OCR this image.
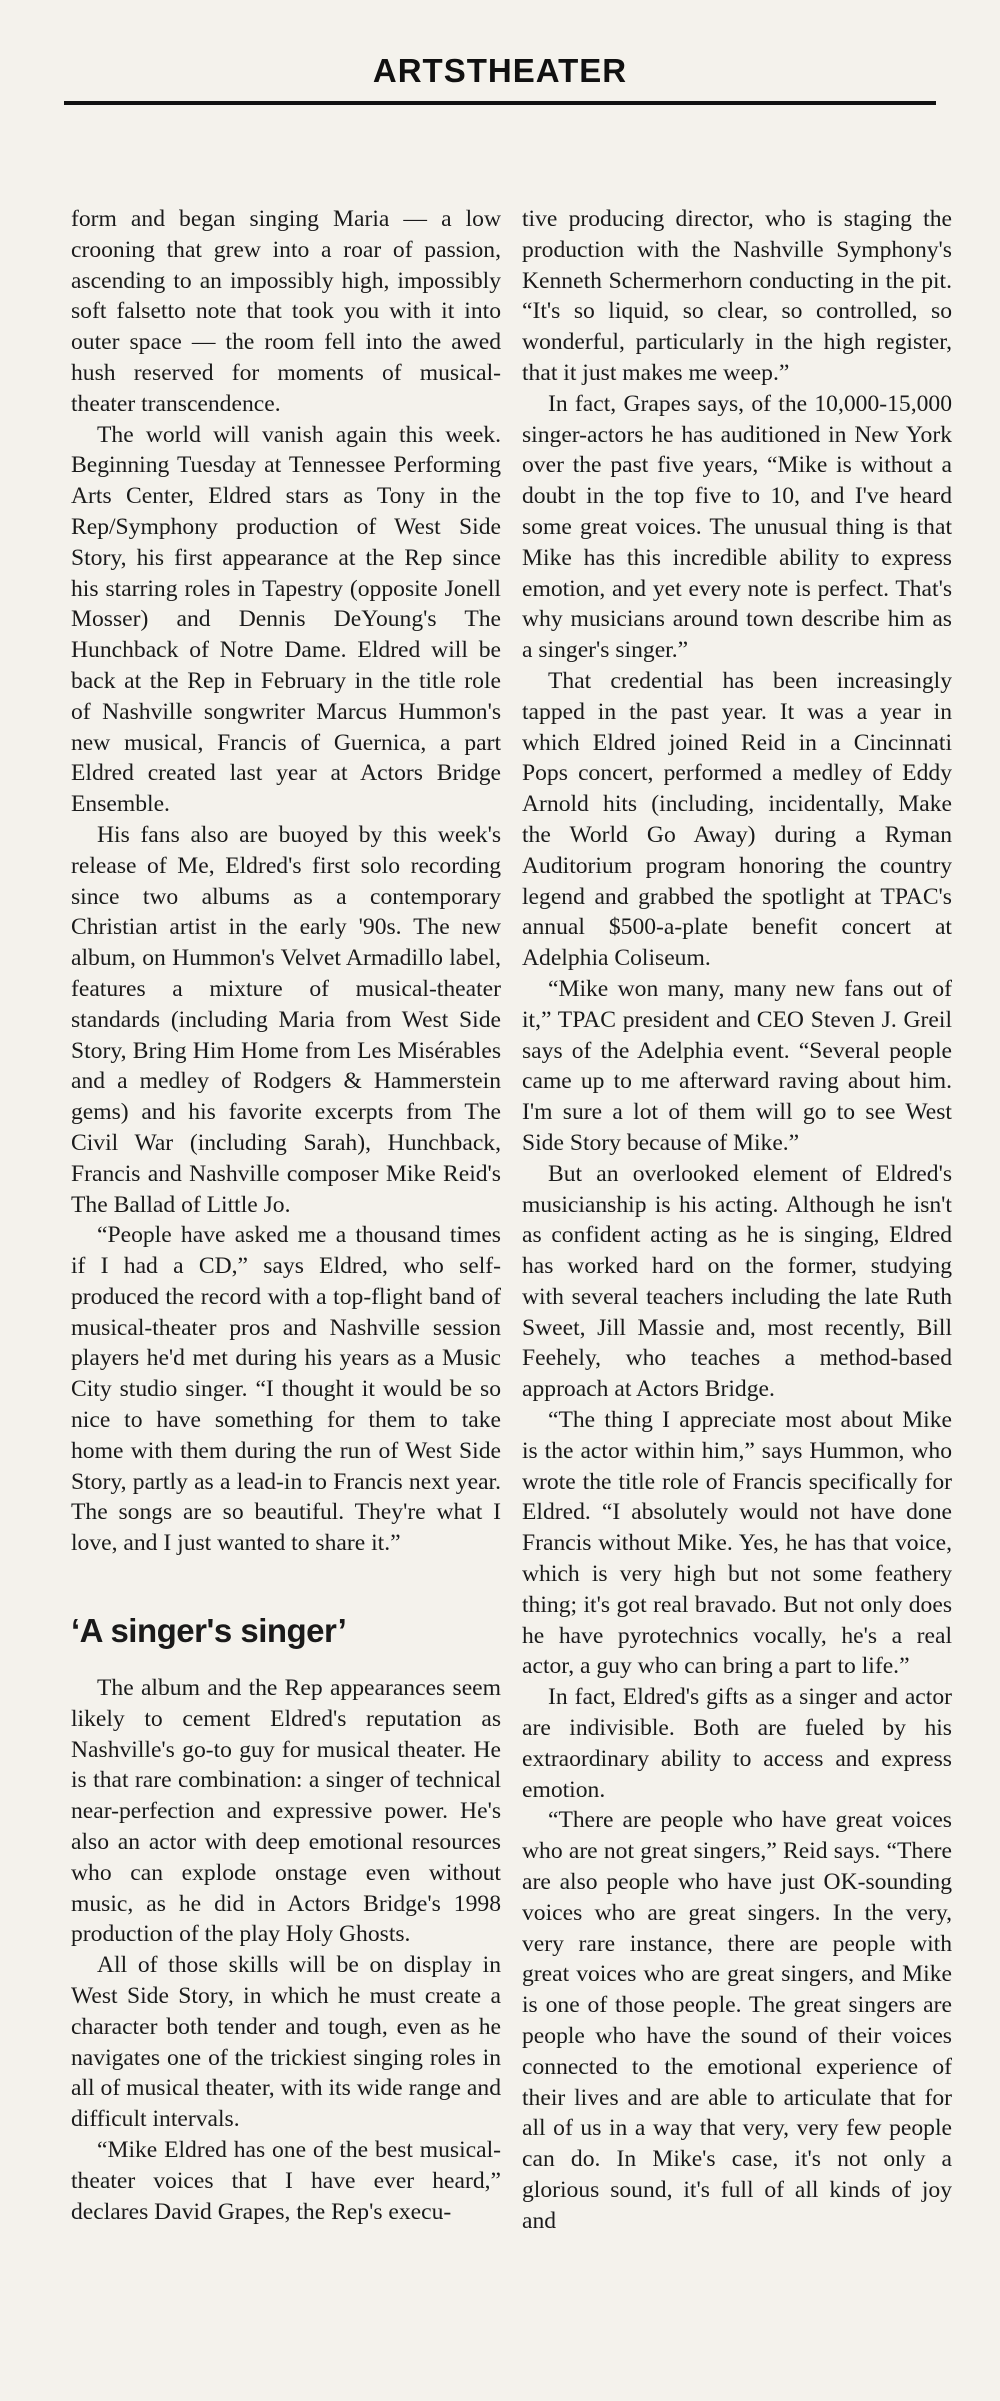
ARTSTHEATER

form and began singing Maria — a low crooning that grew into a roar of passion, ascending to an impossibly high, impossibly soft falsetto note that took you with it into outer space — the room fell into the awed hush reserved for moments of musical-theater transcendence.

The world will vanish again this week. Beginning Tuesday at Tennessee Performing Arts Center, Eldred stars as Tony in the Rep/Symphony production of West Side Story, his first appearance at the Rep since his starring roles in Tapestry (opposite Jonell Mosser) and Dennis DeYoung's The Hunchback of Notre Dame. Eldred will be back at the Rep in February in the title role of Nashville songwriter Marcus Hummon's new musical, Francis of Guernica, a part Eldred created last year at Actors Bridge Ensemble.

His fans also are buoyed by this week's release of Me, Eldred's first solo recording since two albums as a contemporary Christian artist in the early '90s. The new album, on Hummon's Velvet Armadillo label, features a mixture of musical-theater standards (including Maria from West Side Story, Bring Him Home from Les Misérables and a medley of Rodgers & Hammerstein gems) and his favorite excerpts from The Civil War (including Sarah), Hunchback, Francis and Nashville composer Mike Reid's The Ballad of Little Jo.

“People have asked me a thousand times if I had a CD,” says Eldred, who self-produced the record with a top-flight band of musical-theater pros and Nashville session players he'd met during his years as a Music City studio singer. “I thought it would be so nice to have something for them to take home with them during the run of West Side Story, partly as a lead-in to Francis next year. The songs are so beautiful. They're what I love, and I just wanted to share it.”

‘A singer's singer’

The album and the Rep appearances seem likely to cement Eldred's reputation as Nashville's go-to guy for musical theater. He is that rare combination: a singer of technical near-perfection and expressive power. He's also an actor with deep emotional resources who can explode onstage even without music, as he did in Actors Bridge's 1998 production of the play Holy Ghosts.

All of those skills will be on display in West Side Story, in which he must create a character both tender and tough, even as he navigates one of the trickiest singing roles in all of musical theater, with its wide range and difficult intervals.

“Mike Eldred has one of the best musical-theater voices that I have ever heard,” declares David Grapes, the Rep's execu-

tive producing director, who is staging the production with the Nashville Symphony's Kenneth Schermerhorn conducting in the pit. “It's so liquid, so clear, so controlled, so wonderful, particularly in the high register, that it just makes me weep.”

In fact, Grapes says, of the 10,000-15,000 singer-actors he has auditioned in New York over the past five years, “Mike is without a doubt in the top five to 10, and I've heard some great voices. The unusual thing is that Mike has this incredible ability to express emotion, and yet every note is perfect. That's why musicians around town describe him as a singer's singer.”

That credential has been increasingly tapped in the past year. It was a year in which Eldred joined Reid in a Cincinnati Pops concert, performed a medley of Eddy Arnold hits (including, incidentally, Make the World Go Away) during a Ryman Auditorium program honoring the country legend and grabbed the spotlight at TPAC's annual $500-a-plate benefit concert at Adelphia Coliseum.

“Mike won many, many new fans out of it,” TPAC president and CEO Steven J. Greil says of the Adelphia event. “Several people came up to me afterward raving about him. I'm sure a lot of them will go to see West Side Story because of Mike.”

But an overlooked element of Eldred's musicianship is his acting. Although he isn't as confident acting as he is singing, Eldred has worked hard on the former, studying with several teachers including the late Ruth Sweet, Jill Massie and, most recently, Bill Feehely, who teaches a method-based approach at Actors Bridge.

“The thing I appreciate most about Mike is the actor within him,” says Hummon, who wrote the title role of Francis specifically for Eldred. “I absolutely would not have done Francis without Mike. Yes, he has that voice, which is very high but not some feathery thing; it's got real bravado. But not only does he have pyrotechnics vocally, he's a real actor, a guy who can bring a part to life.”

In fact, Eldred's gifts as a singer and actor are indivisible. Both are fueled by his extraordinary ability to access and express emotion.

“There are people who have great voices who are not great singers,” Reid says. “There are also people who have just OK-sounding voices who are great singers. In the very, very rare instance, there are people with great voices who are great singers, and Mike is one of those people. The great singers are people who have the sound of their voices connected to the emotional experience of their lives and are able to articulate that for all of us in a way that very, very few people can do. In Mike's case, it's not only a glorious sound, it's full of all kinds of joy and
